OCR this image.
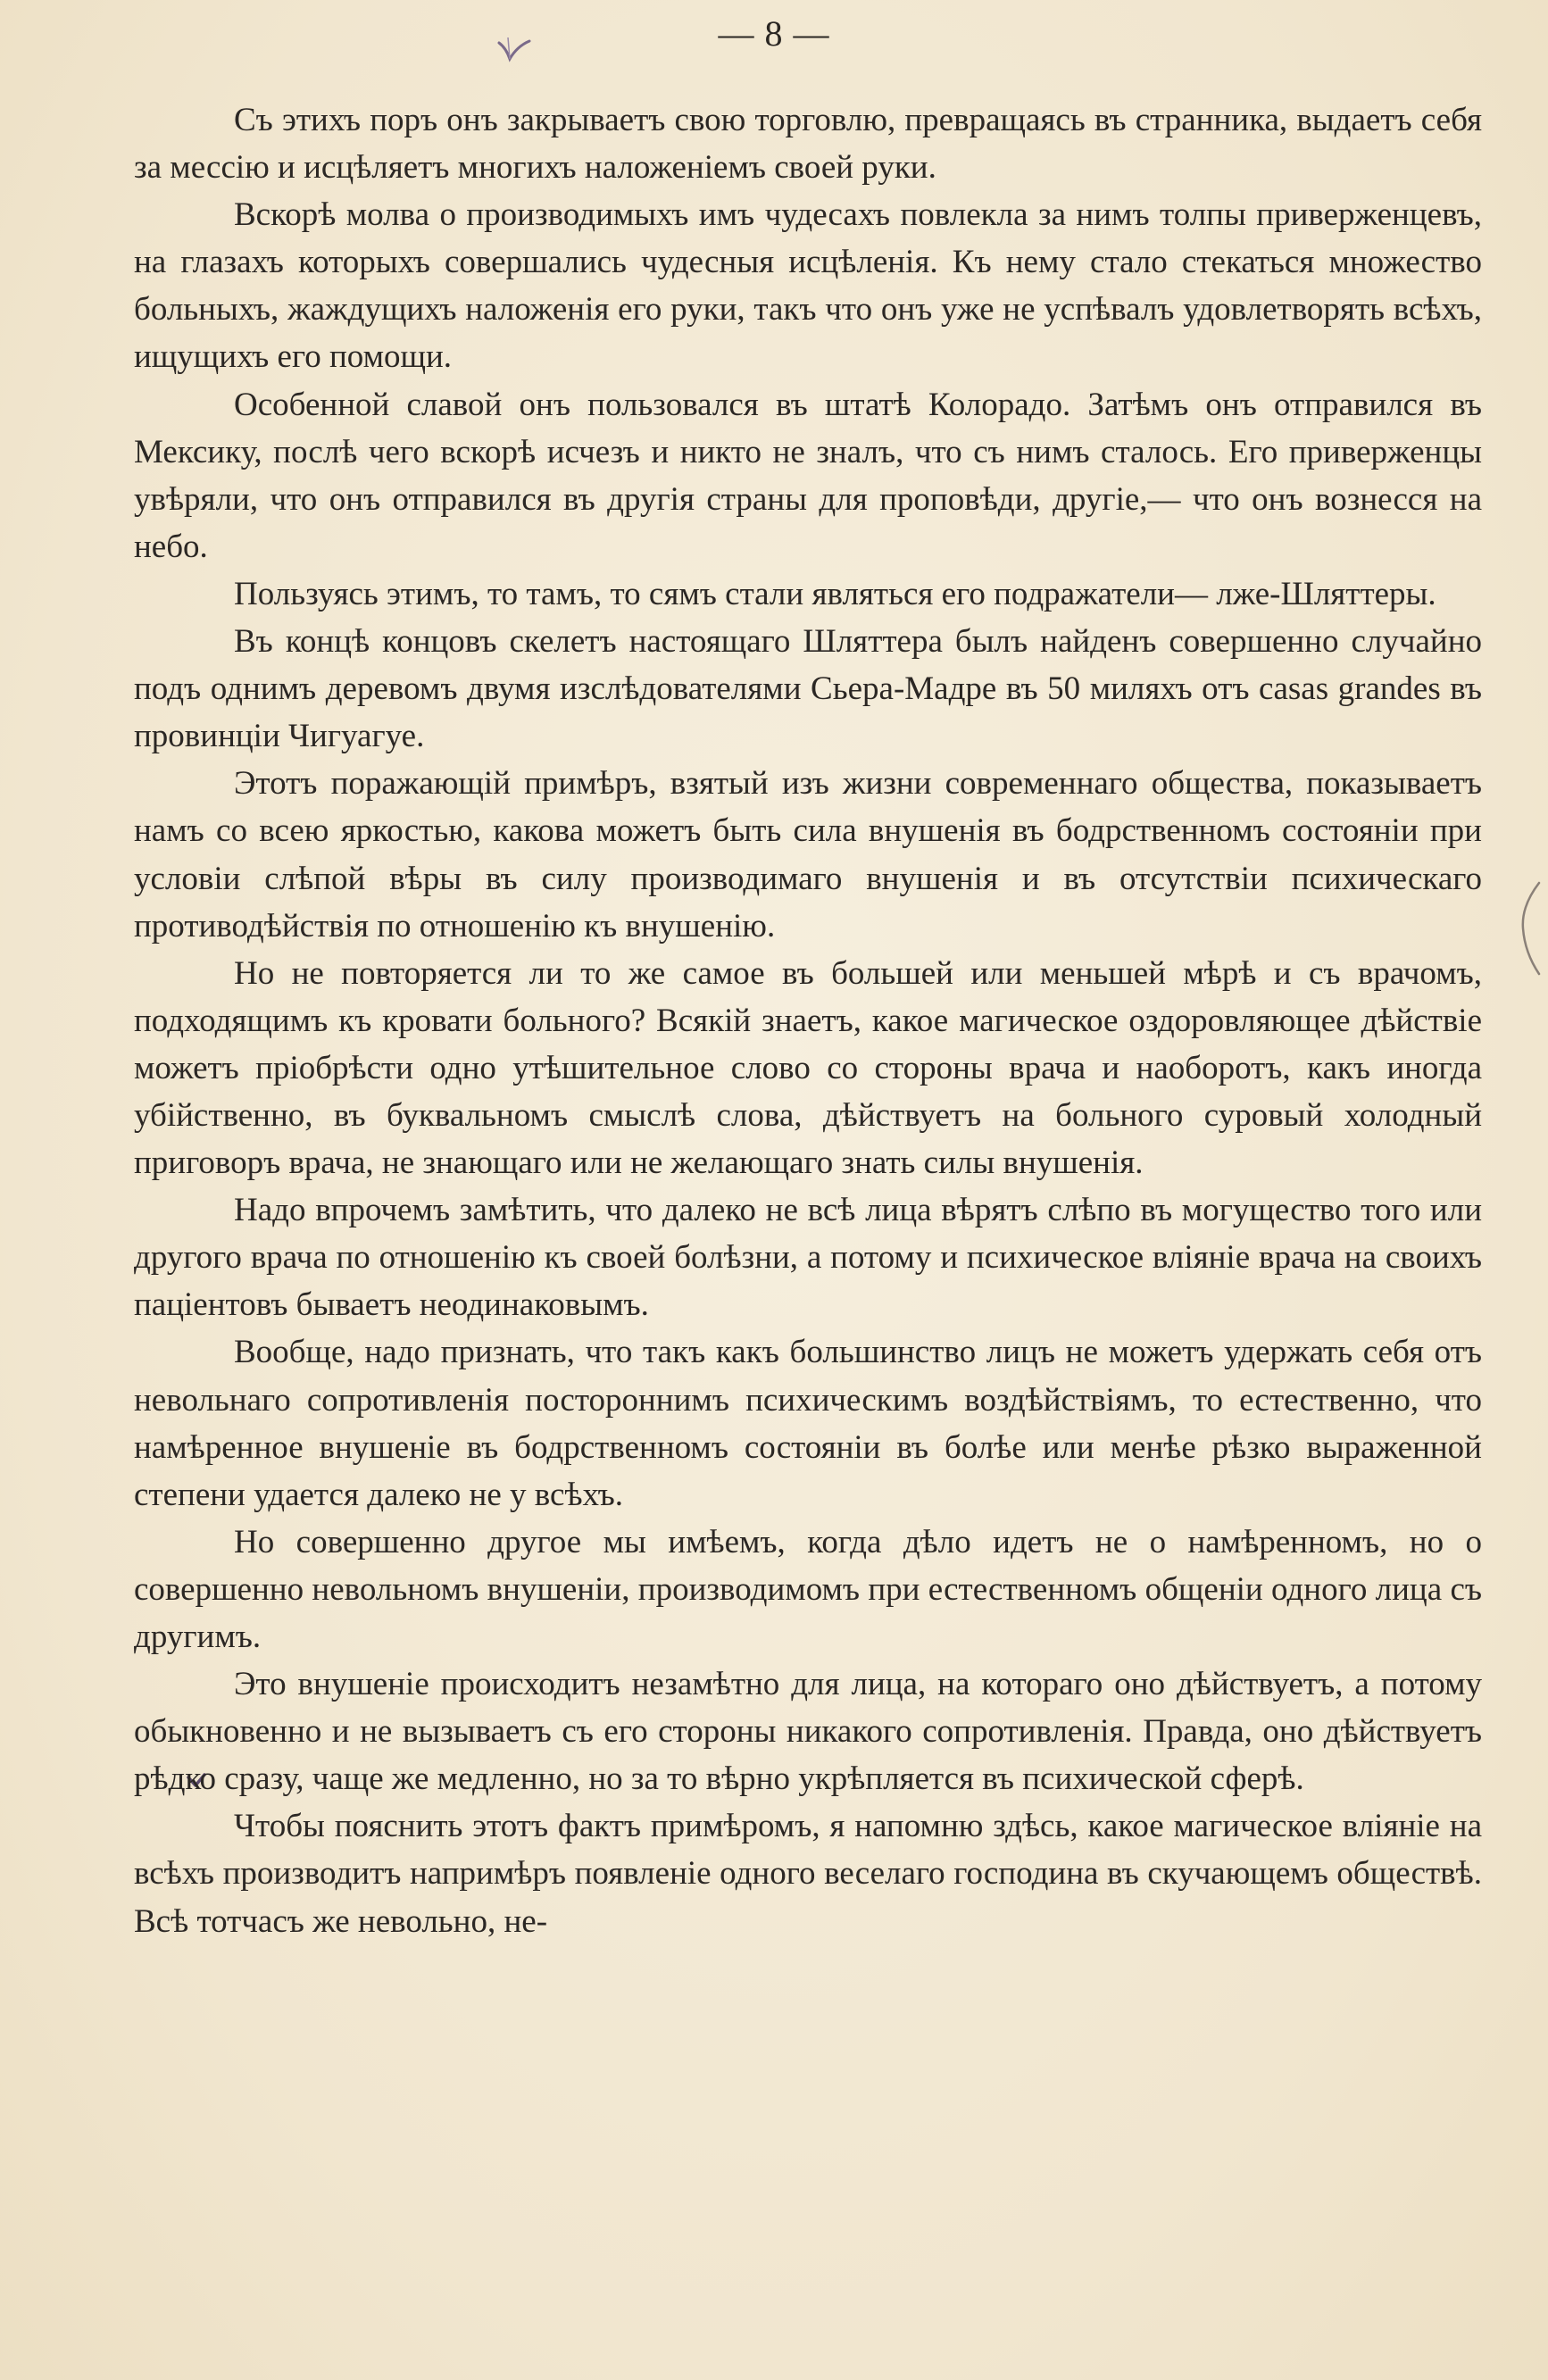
— 8 —

Съ этихъ поръ онъ закрываетъ свою торговлю, превращаясь въ странника, выдаетъ себя за мессію и исцѣляетъ многихъ наложеніемъ своей руки.

Вскорѣ молва о производимыхъ имъ чудесахъ повлекла за нимъ толпы приверженцевъ, на глазахъ которыхъ совершались чудесныя исцѣленія. Къ нему стало стекаться множество больныхъ, жаждущихъ наложенія его руки, такъ что онъ уже не успѣвалъ удовлетворять всѣхъ, ищущихъ его помощи.

Особенной славой онъ пользовался въ штатѣ Колорадо. Затѣмъ онъ отправился въ Мексику, послѣ чего вскорѣ исчезъ и никто не зналъ, что съ нимъ сталось. Его приверженцы увѣряли, что онъ отправился въ другія страны для проповѣди, другіе,— что онъ вознесся на небо.

Пользуясь этимъ, то тамъ, то сямъ стали являться его подражатели— лже-Шляттеры.

Въ концѣ концовъ скелетъ настоящаго Шляттера былъ найденъ совершенно случайно подъ однимъ деревомъ двумя изслѣдователями Сьера-Мадре въ 50 миляхъ отъ casas grandes въ провинціи Чигуагуе.

Этотъ поражающій примѣръ, взятый изъ жизни современнаго общества, показываетъ намъ со всею яркостью, какова можетъ быть сила внушенія въ бодрственномъ состояніи при условіи слѣпой вѣры въ силу производимаго внушенія и въ отсутствіи психическаго противодѣйствія по отношенію къ внушенію.

Но не повторяется ли то же самое въ большей или меньшей мѣрѣ и съ врачомъ, подходящимъ къ кровати больного? Всякій знаетъ, какое магическое оздоровляющее дѣйствіе можетъ пріобрѣсти одно утѣшительное слово со стороны врача и наоборотъ, какъ иногда убійственно, въ буквальномъ смыслѣ слова, дѣйствуетъ на больного суровый холодный приговоръ врача, не знающаго или не желающаго знать силы внушенія.

Надо впрочемъ замѣтить, что далеко не всѣ лица вѣрятъ слѣпо въ могущество того или другого врача по отношенію къ своей болѣзни, а потому и психическое вліяніе врача на своихъ паціентовъ бываетъ неодинаковымъ.

Вообще, надо признать, что такъ какъ большинство лицъ не можетъ удержать себя отъ невольнаго сопротивленія постороннимъ психическимъ воздѣйствіямъ, то естественно, что намѣренное внушеніе въ бодрственномъ состояніи въ болѣе или менѣе рѣзко выраженной степени удается далеко не у всѣхъ.

Но совершенно другое мы имѣемъ, когда дѣло идетъ не о намѣренномъ, но о совершенно невольномъ внушеніи, производимомъ при естественномъ общеніи одного лица съ другимъ.

Это внушеніе происходитъ незамѣтно для лица, на котораго оно дѣйствуетъ, а потому обыкновенно и не вызываетъ съ его стороны никакого сопротивленія. Правда, оно дѣйствуетъ рѣдко сразу, чаще же медленно, но за то вѣрно укрѣпляется въ психической сферѣ.

Чтобы пояснить этотъ фактъ примѣромъ, я напомню здѣсь, какое магическое вліяніе на всѣхъ производитъ напримѣръ появленіе одного веселаго господина въ скучающемъ обществѣ. Всѣ тотчасъ же невольно, не-
